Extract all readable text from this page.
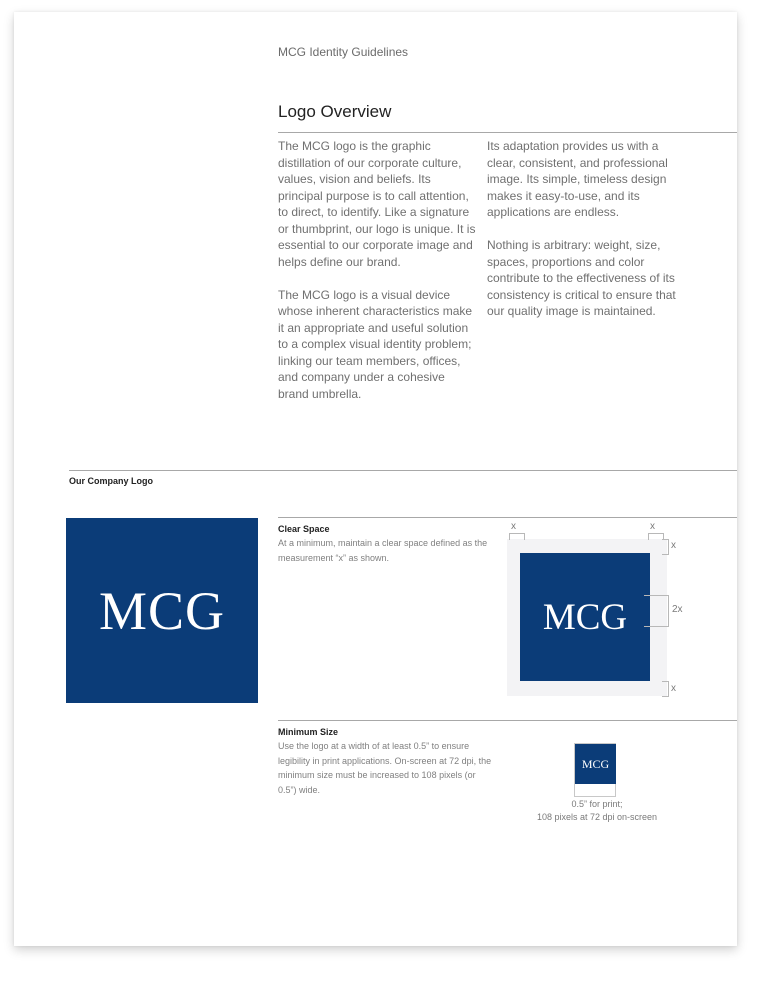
MCG Identity Guidelines
Logo Overview

The MCG logo is the graphic distillation of our corporate culture, values, vision and beliefs. Its principal purpose is to call attention, to direct, to identify. Like a signature or thumbprint, our logo is unique. It is essential to our corporate image and helps define our brand.

The MCG logo is a visual device whose inherent characteristics make it an appropriate and useful solution to a complex visual identity problem; linking our team members, offices, and company under a cohesive brand umbrella.

Its adaptation provides us with a clear, consistent, and professional image. Its simple, timeless design makes it easy-to-use, and its applications are endless.

Nothing is arbitrary: weight, size, spaces, proportions and color contribute to the effectiveness of its consistency is critical to ensure that our quality image is maintained.

Our Company Logo
MCG
Clear Space
At a minimum, maintain a clear space defined as the measurement “x” as shown.
MCG
x	x
x
2x
x
Minimum Size
Use the logo at a width of at least 0.5” to ensure legibility in print applications. On-screen at 72 dpi, the minimum size must be increased to 108 pixels (or 0.5”) wide.
MCG
0.5” for print;
108 pixels at 72 dpi on-screen
